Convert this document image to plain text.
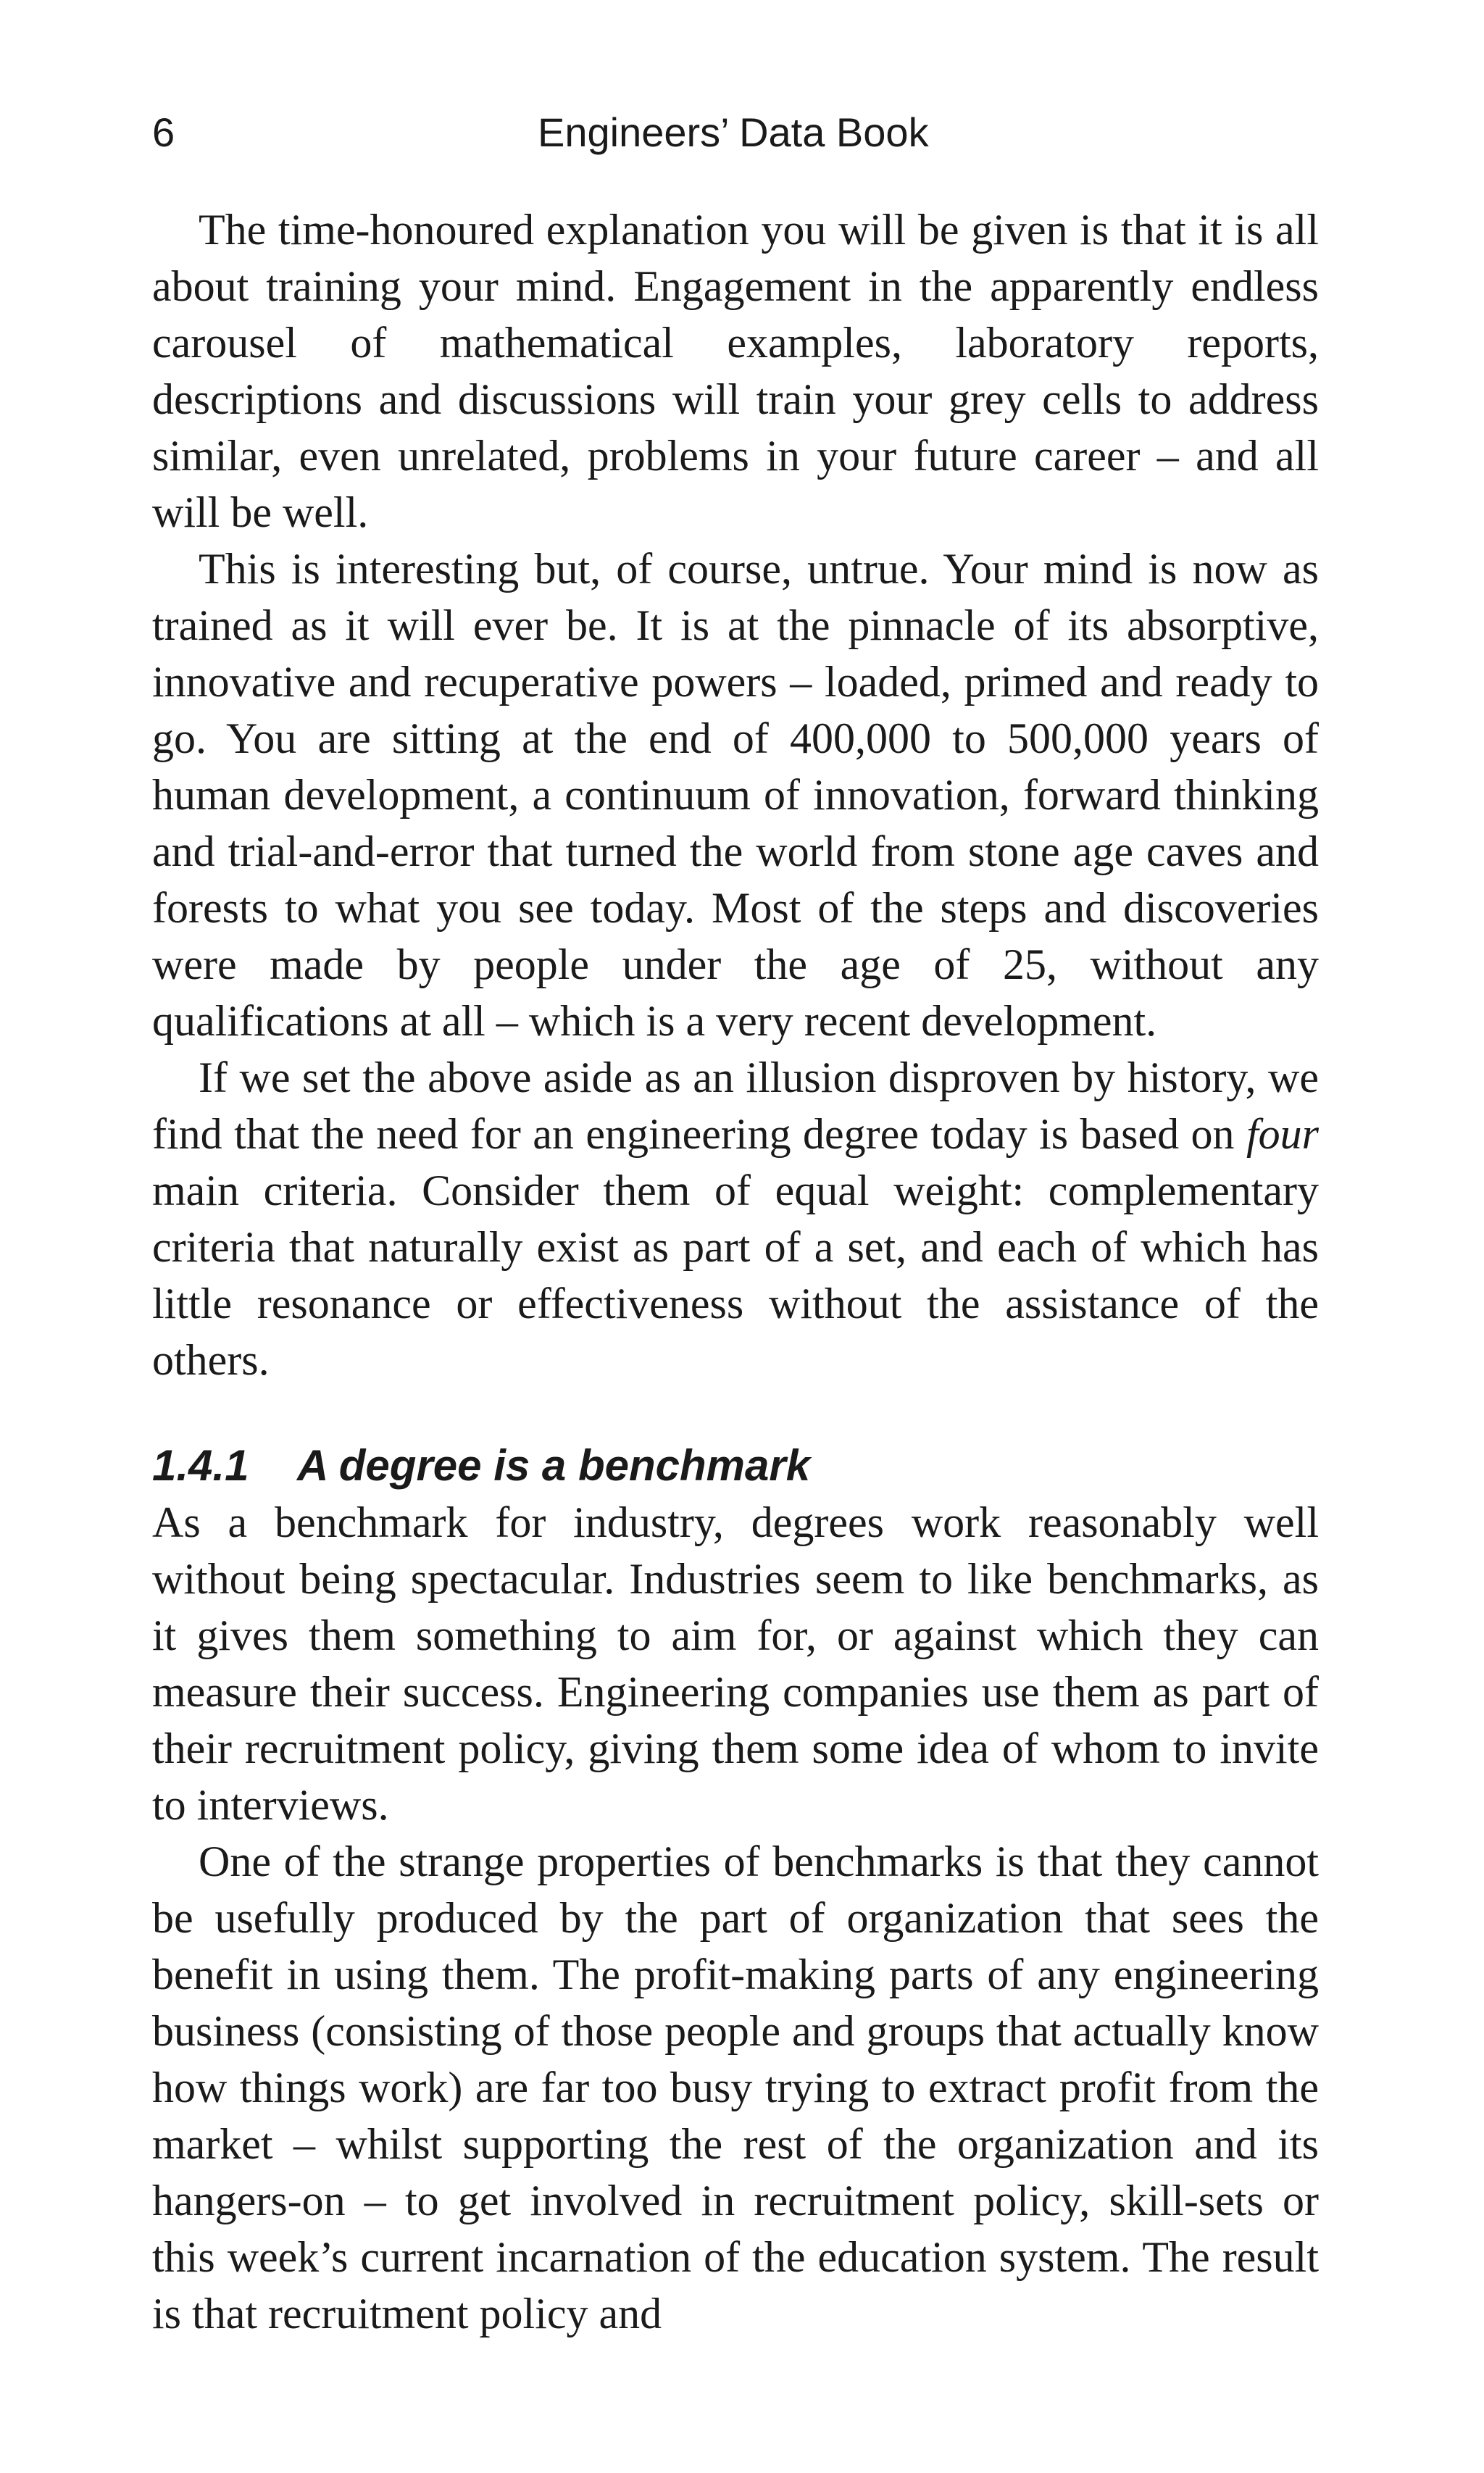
6	Engineers’ Data Book

The time-honoured explanation you will be given is that it is all about training your mind. Engagement in the apparently endless carousel of mathematical examples, laboratory reports, descriptions and discussions will train your grey cells to address similar, even unrelated, problems in your future career – and all will be well.

This is interesting but, of course, untrue. Your mind is now as trained as it will ever be. It is at the pinnacle of its absorptive, innovative and recuperative powers – loaded, primed and ready to go. You are sitting at the end of 400,000 to 500,000 years of human development, a continuum of innovation, forward thinking and trial-and-error that turned the world from stone age caves and forests to what you see today. Most of the steps and discoveries were made by people under the age of 25, without any qualifications at all – which is a very recent development.

If we set the above aside as an illusion disproven by history, we find that the need for an engineering degree today is based on four main criteria. Consider them of equal weight: complementary criteria that naturally exist as part of a set, and each of which has little resonance or effectiveness without the assistance of the others.

1.4.1 A degree is a benchmark

As a benchmark for industry, degrees work reasonably well without being spectacular. Industries seem to like benchmarks, as it gives them something to aim for, or against which they can measure their success. Engineering companies use them as part of their recruitment policy, giving them some idea of whom to invite to interviews.

One of the strange properties of benchmarks is that they cannot be usefully produced by the part of organization that sees the benefit in using them. The profit-making parts of any engineering business (consisting of those people and groups that actually know how things work) are far too busy trying to extract profit from the market – whilst supporting the rest of the organization and its hangers-on – to get involved in recruitment policy, skill-sets or this week’s current incarnation of the education system. The result is that recruitment policy and
